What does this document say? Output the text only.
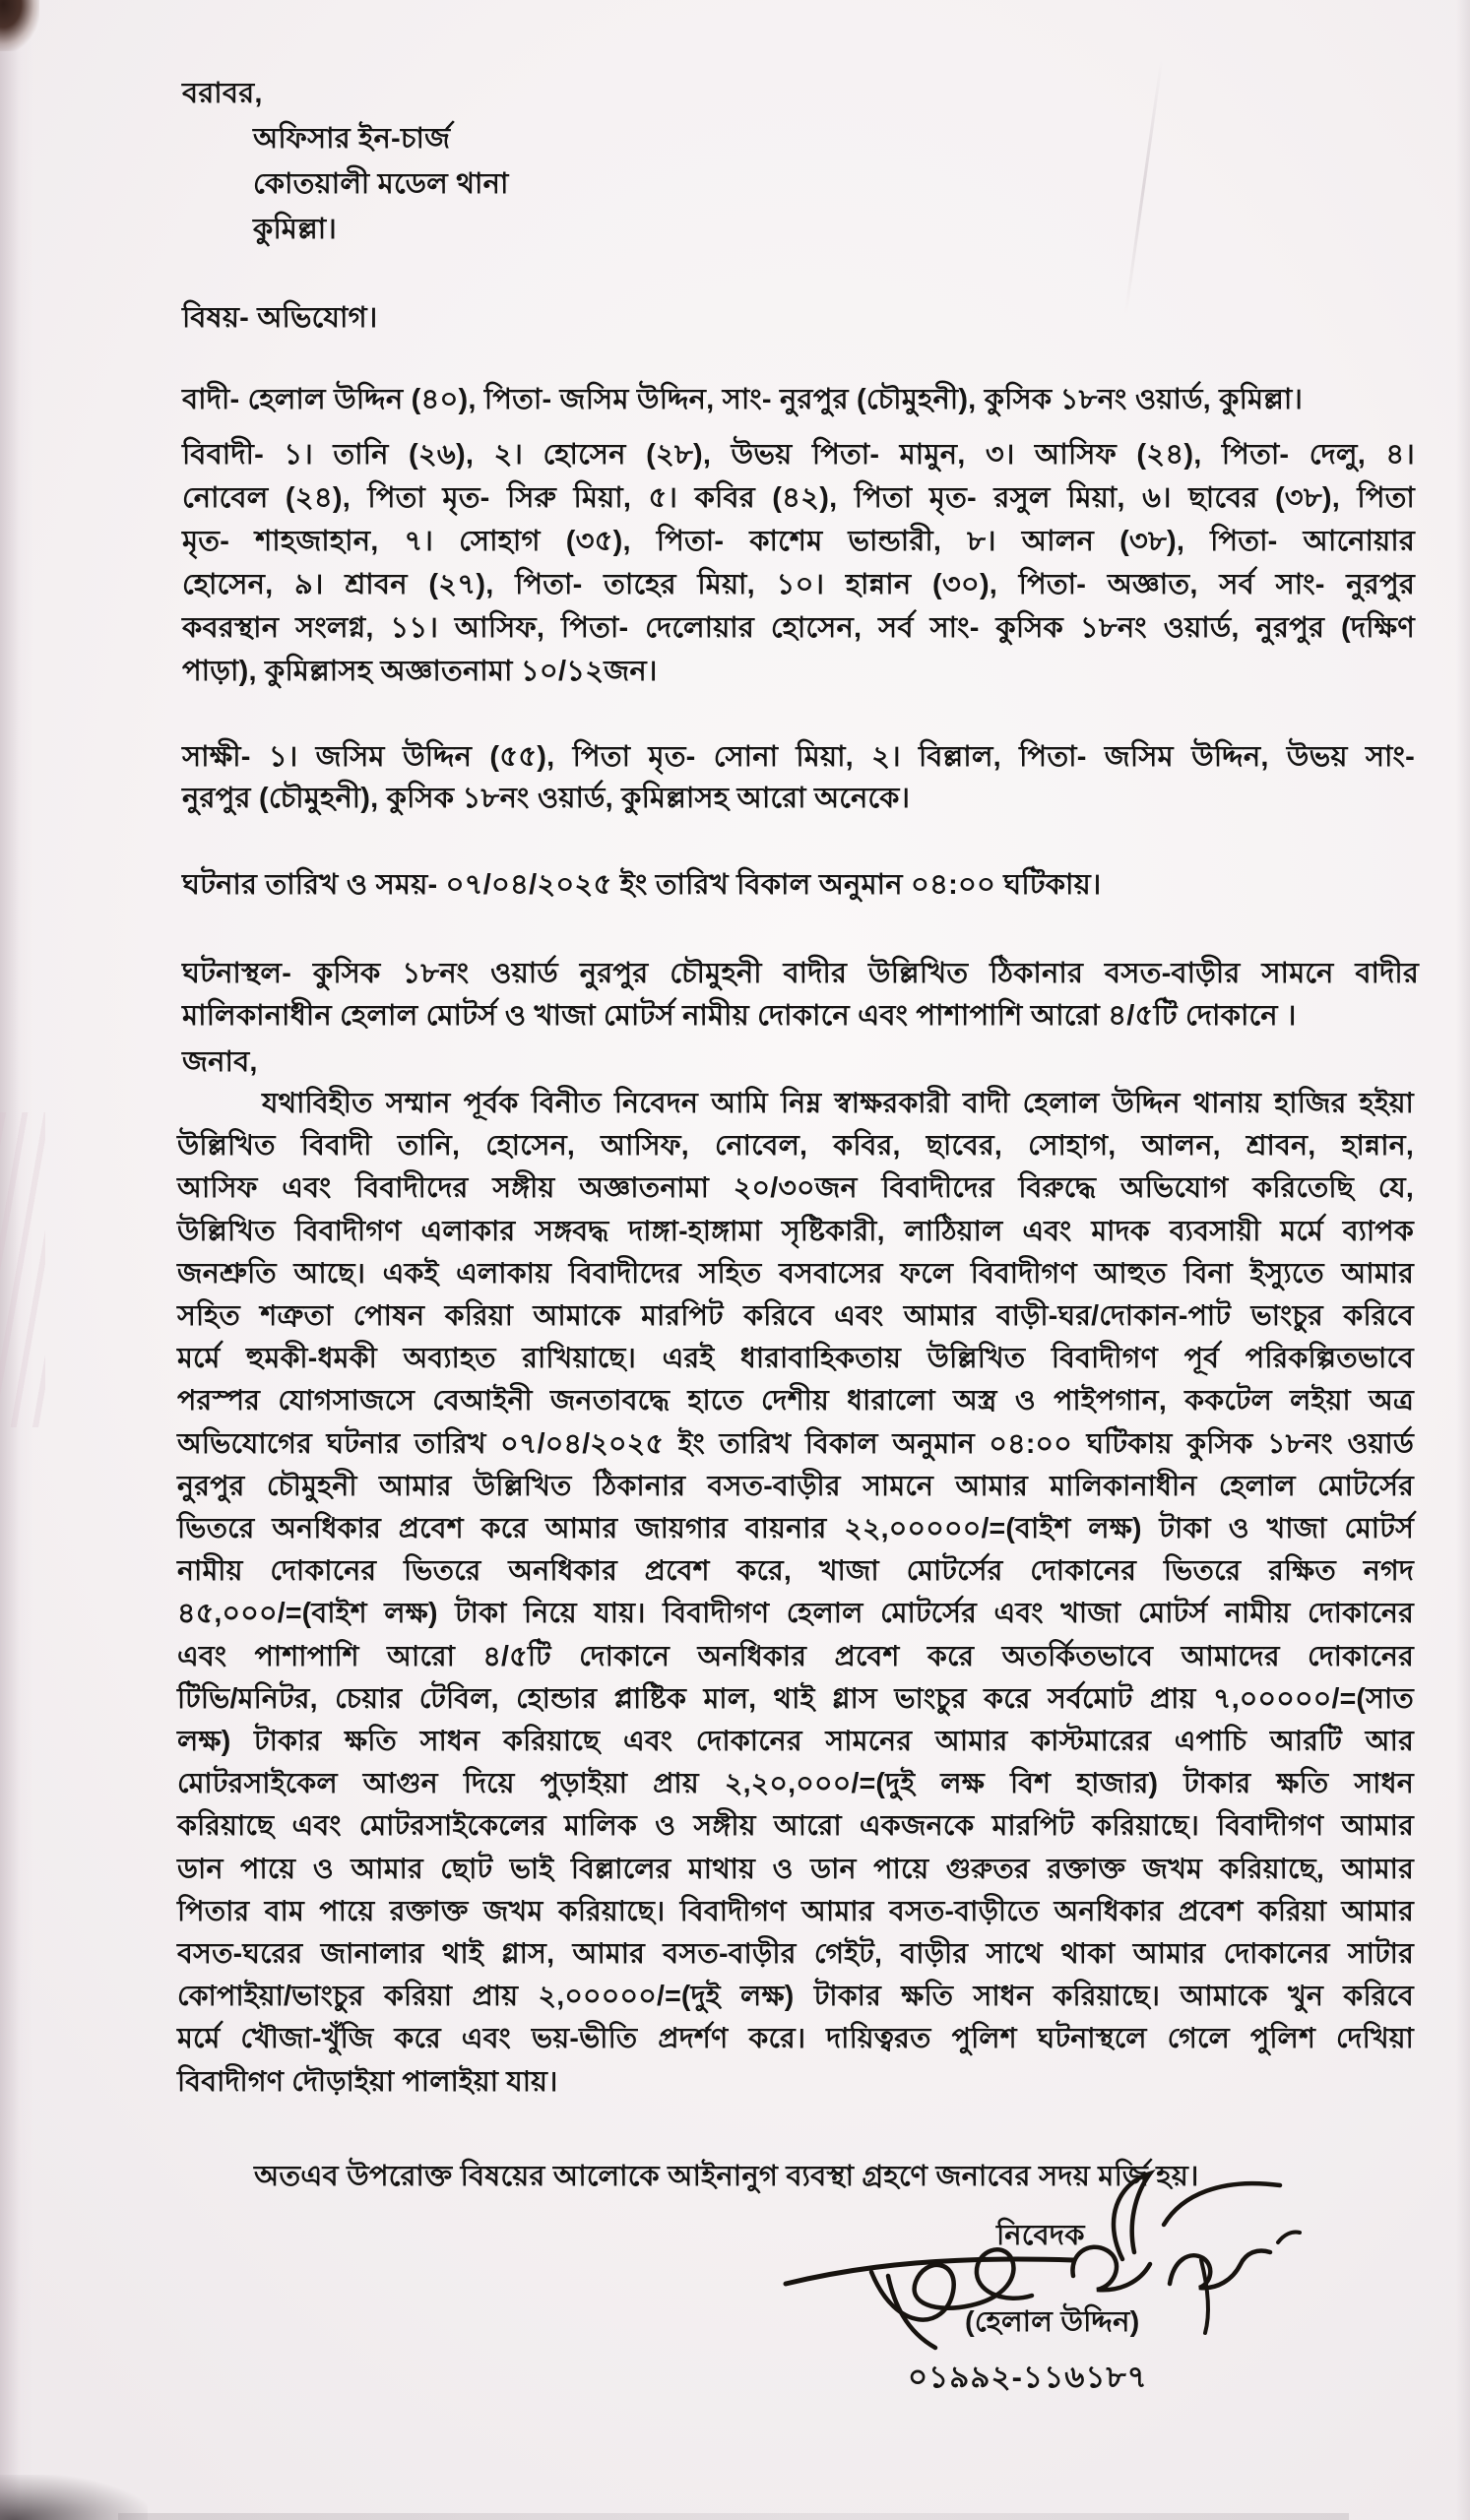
বরাবর,
অফিসার ইন-চার্জ
কোতয়ালী মডেল থানা
কুমিল্লা।
বিষয়- অভিযোগ।
বাদী- হেলাল উদ্দিন (৪০), পিতা- জসিম উদ্দিন, সাং- নুরপুর (চৌমুহনী), কুসিক ১৮নং ওয়ার্ড, কুমিল্লা।
বিবাদী- ১। তানি (২৬), ২। হোসেন (২৮), উভয় পিতা- মামুন, ৩। আসিফ (২৪), পিতা- দেলু, ৪।
নোবেল (২৪), পিতা মৃত- সিরু মিয়া, ৫। কবির (৪২), পিতা মৃত- রসুল মিয়া, ৬। ছাবের (৩৮), পিতা
মৃত- শাহজাহান, ৭। সোহাগ (৩৫), পিতা- কাশেম ভান্ডারী, ৮। আলন (৩৮), পিতা- আনোয়ার
হোসেন, ৯। শ্রাবন (২৭), পিতা- তাহের মিয়া, ১০। হান্নান (৩০), পিতা- অজ্ঞাত, সর্ব সাং- নুরপুর
কবরস্থান সংলগ্ন, ১১। আসিফ, পিতা- দেলোয়ার হোসেন, সর্ব সাং- কুসিক ১৮নং ওয়ার্ড, নুরপুর (দক্ষিণ
পাড়া), কুমিল্লাসহ অজ্ঞাতনামা ১০/১২জন।
সাক্ষী- ১। জসিম উদ্দিন (৫৫), পিতা মৃত- সোনা মিয়া, ২। বিল্লাল, পিতা- জসিম উদ্দিন, উভয় সাং-
নুরপুর (চৌমুহনী), কুসিক ১৮নং ওয়ার্ড, কুমিল্লাসহ আরো অনেকে।
ঘটনার তারিখ ও সময়- ০৭/০৪/২০২৫ ইং তারিখ বিকাল অনুমান ০৪:০০ ঘটিকায়।
ঘটনাস্থল- কুসিক ১৮নং ওয়ার্ড নুরপুর চৌমুহনী বাদীর উল্লিখিত ঠিকানার বসত-বাড়ীর সামনে বাদীর
মালিকানাধীন হেলাল মোটর্স ও খাজা মোটর্স নামীয় দোকানে এবং পাশাপাশি আরো ৪/৫টি দোকানে ।
জনাব,
যথাবিহীত সম্মান পূর্বক বিনীত নিবেদন আমি নিম্ন স্বাক্ষরকারী বাদী হেলাল উদ্দিন থানায় হাজির হইয়া
উল্লিখিত বিবাদী তানি, হোসেন, আসিফ, নোবেল, কবির, ছাবের, সোহাগ, আলন, শ্রাবন, হান্নান,
আসিফ এবং বিবাদীদের সঙ্গীয় অজ্ঞাতনামা ২০/৩০জন বিবাদীদের বিরুদ্ধে অভিযোগ করিতেছি যে,
উল্লিখিত বিবাদীগণ এলাকার সঙ্গবদ্ধ দাঙ্গা-হাঙ্গামা সৃষ্টিকারী, লাঠিয়াল এবং মাদক ব্যবসায়ী মর্মে ব্যাপক
জনশ্রুতি আছে। একই এলাকায় বিবাদীদের সহিত বসবাসের ফলে বিবাদীগণ আহুত বিনা ইস্যুতে আমার
সহিত শত্রুতা পোষন করিয়া আমাকে মারপিট করিবে এবং আমার বাড়ী-ঘর/দোকান-পাট ভাংচুর করিবে
মর্মে হুমকী-ধমকী অব্যাহত রাখিয়াছে। এরই ধারাবাহিকতায় উল্লিখিত বিবাদীগণ পূর্ব পরিকল্পিতভাবে
পরস্পর যোগসাজসে বেআইনী জনতাবদ্ধে হাতে দেশীয় ধারালো অস্ত্র ও পাইপগান, ককটেল লইয়া অত্র
অভিযোগের ঘটনার তারিখ ০৭/০৪/২০২৫ ইং তারিখ বিকাল অনুমান ০৪:০০ ঘটিকায় কুসিক ১৮নং ওয়ার্ড
নুরপুর চৌমুহনী আমার উল্লিখিত ঠিকানার বসত-বাড়ীর সামনে আমার মালিকানাধীন হেলাল মোটর্সের
ভিতরে অনধিকার প্রবেশ করে আমার জায়গার বায়নার ২২,০০০০০/=(বাইশ লক্ষ) টাকা ও খাজা মোটর্স
নামীয় দোকানের ভিতরে অনধিকার প্রবেশ করে, খাজা মোটর্সের দোকানের ভিতরে রক্ষিত নগদ
৪৫,০০০/=(বাইশ লক্ষ) টাকা নিয়ে যায়। বিবাদীগণ হেলাল মোটর্সের এবং খাজা মোটর্স নামীয় দোকানের
এবং পাশাপাশি আরো ৪/৫টি দোকানে অনধিকার প্রবেশ করে অতর্কিতভাবে আমাদের দোকানের
টিভি/মনিটর, চেয়ার টেবিল, হোন্ডার প্লাষ্টিক মাল, থাই গ্লাস ভাংচুর করে সর্বমোট প্রায় ৭,০০০০০/=(সাত
লক্ষ) টাকার ক্ষতি সাধন করিয়াছে এবং দোকানের সামনের আমার কাস্টমারের এপাচি আরটি আর
মোটরসাইকেল আগুন দিয়ে পুড়াইয়া প্রায় ২,২০,০০০/=(দুই লক্ষ বিশ হাজার) টাকার ক্ষতি সাধন
করিয়াছে এবং মোটরসাইকেলের মালিক ও সঙ্গীয় আরো একজনকে মারপিট করিয়াছে। বিবাদীগণ আমার
ডান পায়ে ও আমার ছোট ভাই বিল্লালের মাথায় ও ডান পায়ে গুরুতর রক্তাক্ত জখম করিয়াছে, আমার
পিতার বাম পায়ে রক্তাক্ত জখম করিয়াছে। বিবাদীগণ আমার বসত-বাড়ীতে অনধিকার প্রবেশ করিয়া আমার
বসত-ঘরের জানালার থাই গ্লাস, আমার বসত-বাড়ীর গেইট, বাড়ীর সাথে থাকা আমার দোকানের সাটার
কোপাইয়া/ভাংচুর করিয়া প্রায় ২,০০০০০/=(দুই লক্ষ) টাকার ক্ষতি সাধন করিয়াছে। আমাকে খুন করিবে
মর্মে খৌজা-খুঁজি করে এবং ভয়-ভীতি প্রদর্শণ করে। দায়িত্বরত পুলিশ ঘটনাস্থলে গেলে পুলিশ দেখিয়া
বিবাদীগণ দৌড়াইয়া পালাইয়া যায়।
অতএব উপরোক্ত বিষয়ের আলোকে আইনানুগ ব্যবস্থা গ্রহণে জনাবের সদয় মর্জি হয়।
নিবেদক
(হেলাল উদ্দিন)
০১৯৯২-১১৬১৮৭
